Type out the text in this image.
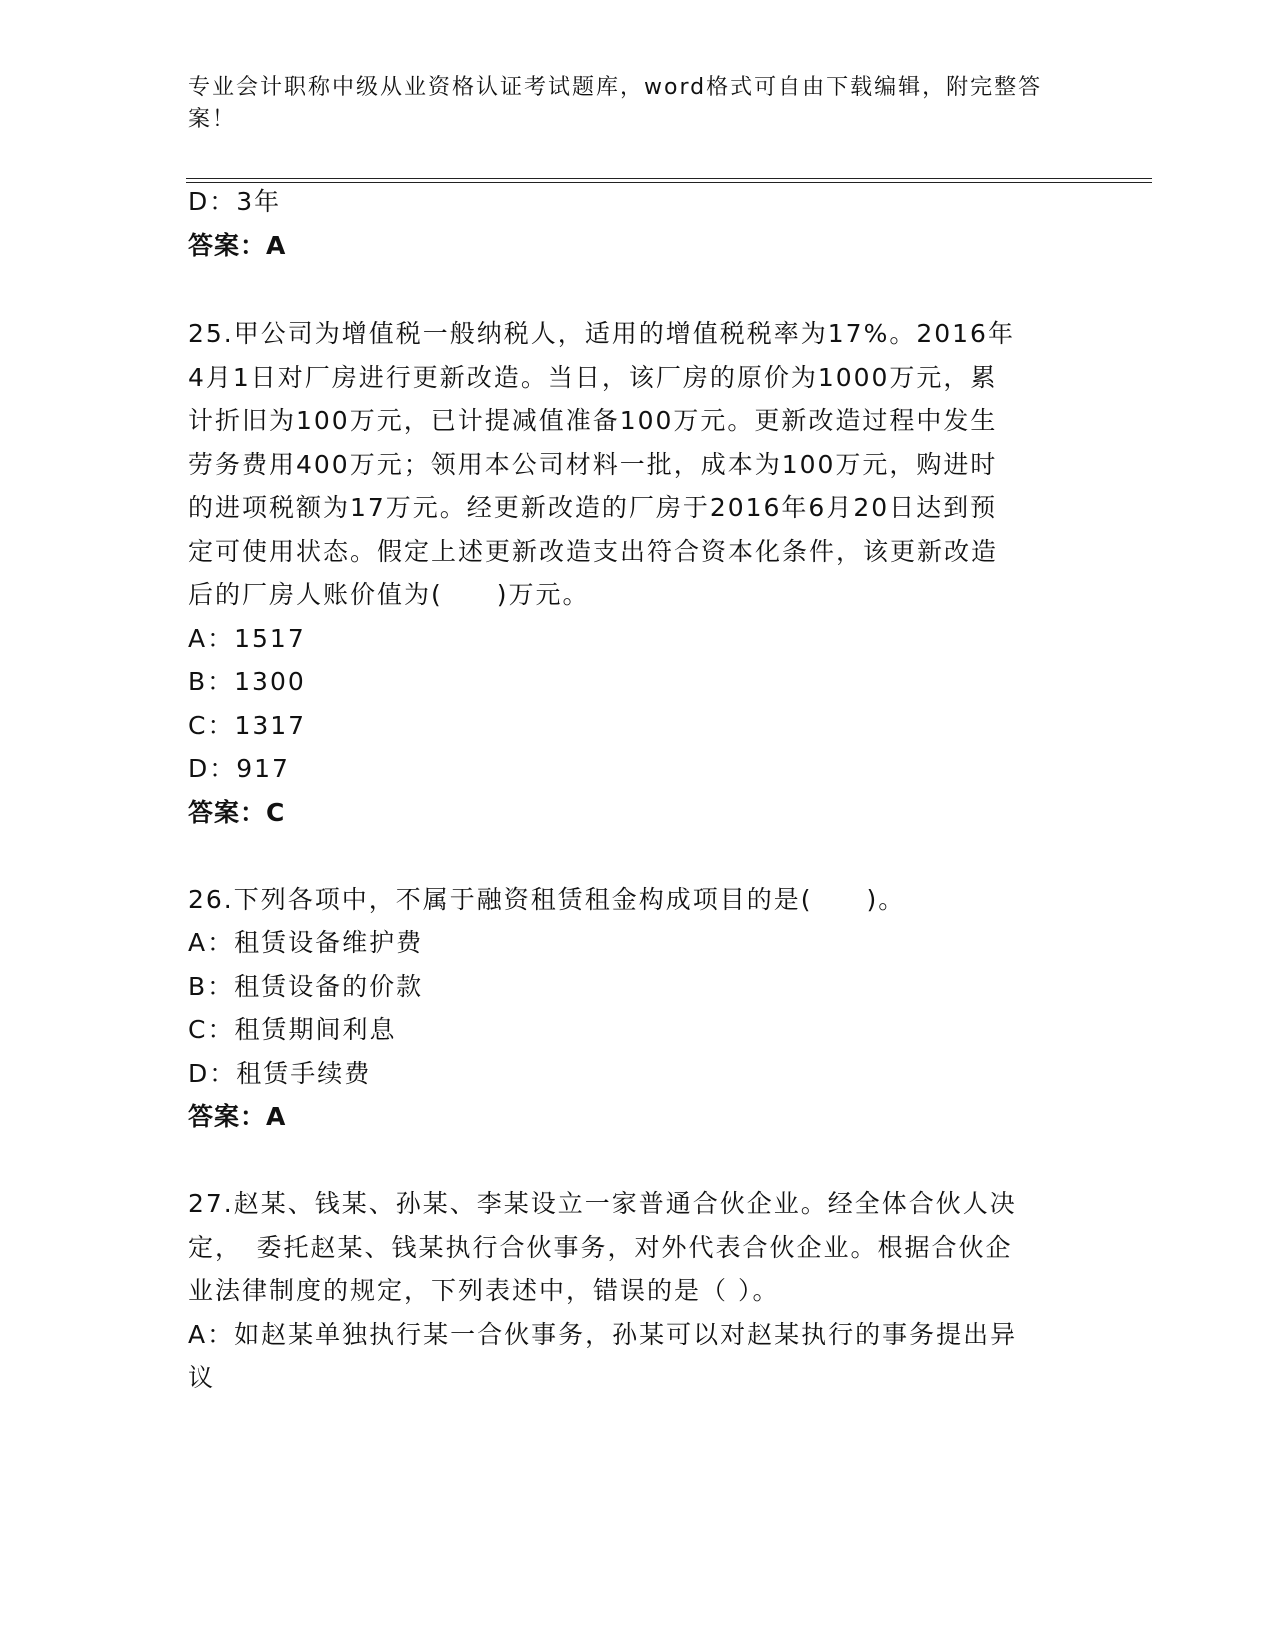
专业会计职称中级从业资格认证考试题库，word格式可自由下载编辑，附完整答案！
D：3年
答案：A
25.甲公司为增值税一般纳税人，适用的增值税税率为17%。2016年
4月1日对厂房进行更新改造。当日，该厂房的原价为1000万元，累
计折旧为100万元，已计提减值准备100万元。更新改造过程中发生
劳务费用400万元；领用本公司材料一批，成本为100万元，购进时
的进项税额为17万元。经更新改造的厂房于2016年6月20日达到预
定可使用状态。假定上述更新改造支出符合资本化条件，该更新改造
后的厂房人账价值为(　　)万元。
A：1517
B：1300
C：1317
D：917
答案：C
26.下列各项中，不属于融资租赁租金构成项目的是(　　)。
A：租赁设备维护费
B：租赁设备的价款
C：租赁期间利息
D：租赁手续费
答案：A
27.赵某、钱某、孙某、李某设立一家普通合伙企业。经全体合伙人决
定，　委托赵某、钱某执行合伙事务，对外代表合伙企业。根据合伙企
业法律制度的规定，下列表述中，错误的是（ ）。
A：如赵某单独执行某一合伙事务，孙某可以对赵某执行的事务提出异
议
